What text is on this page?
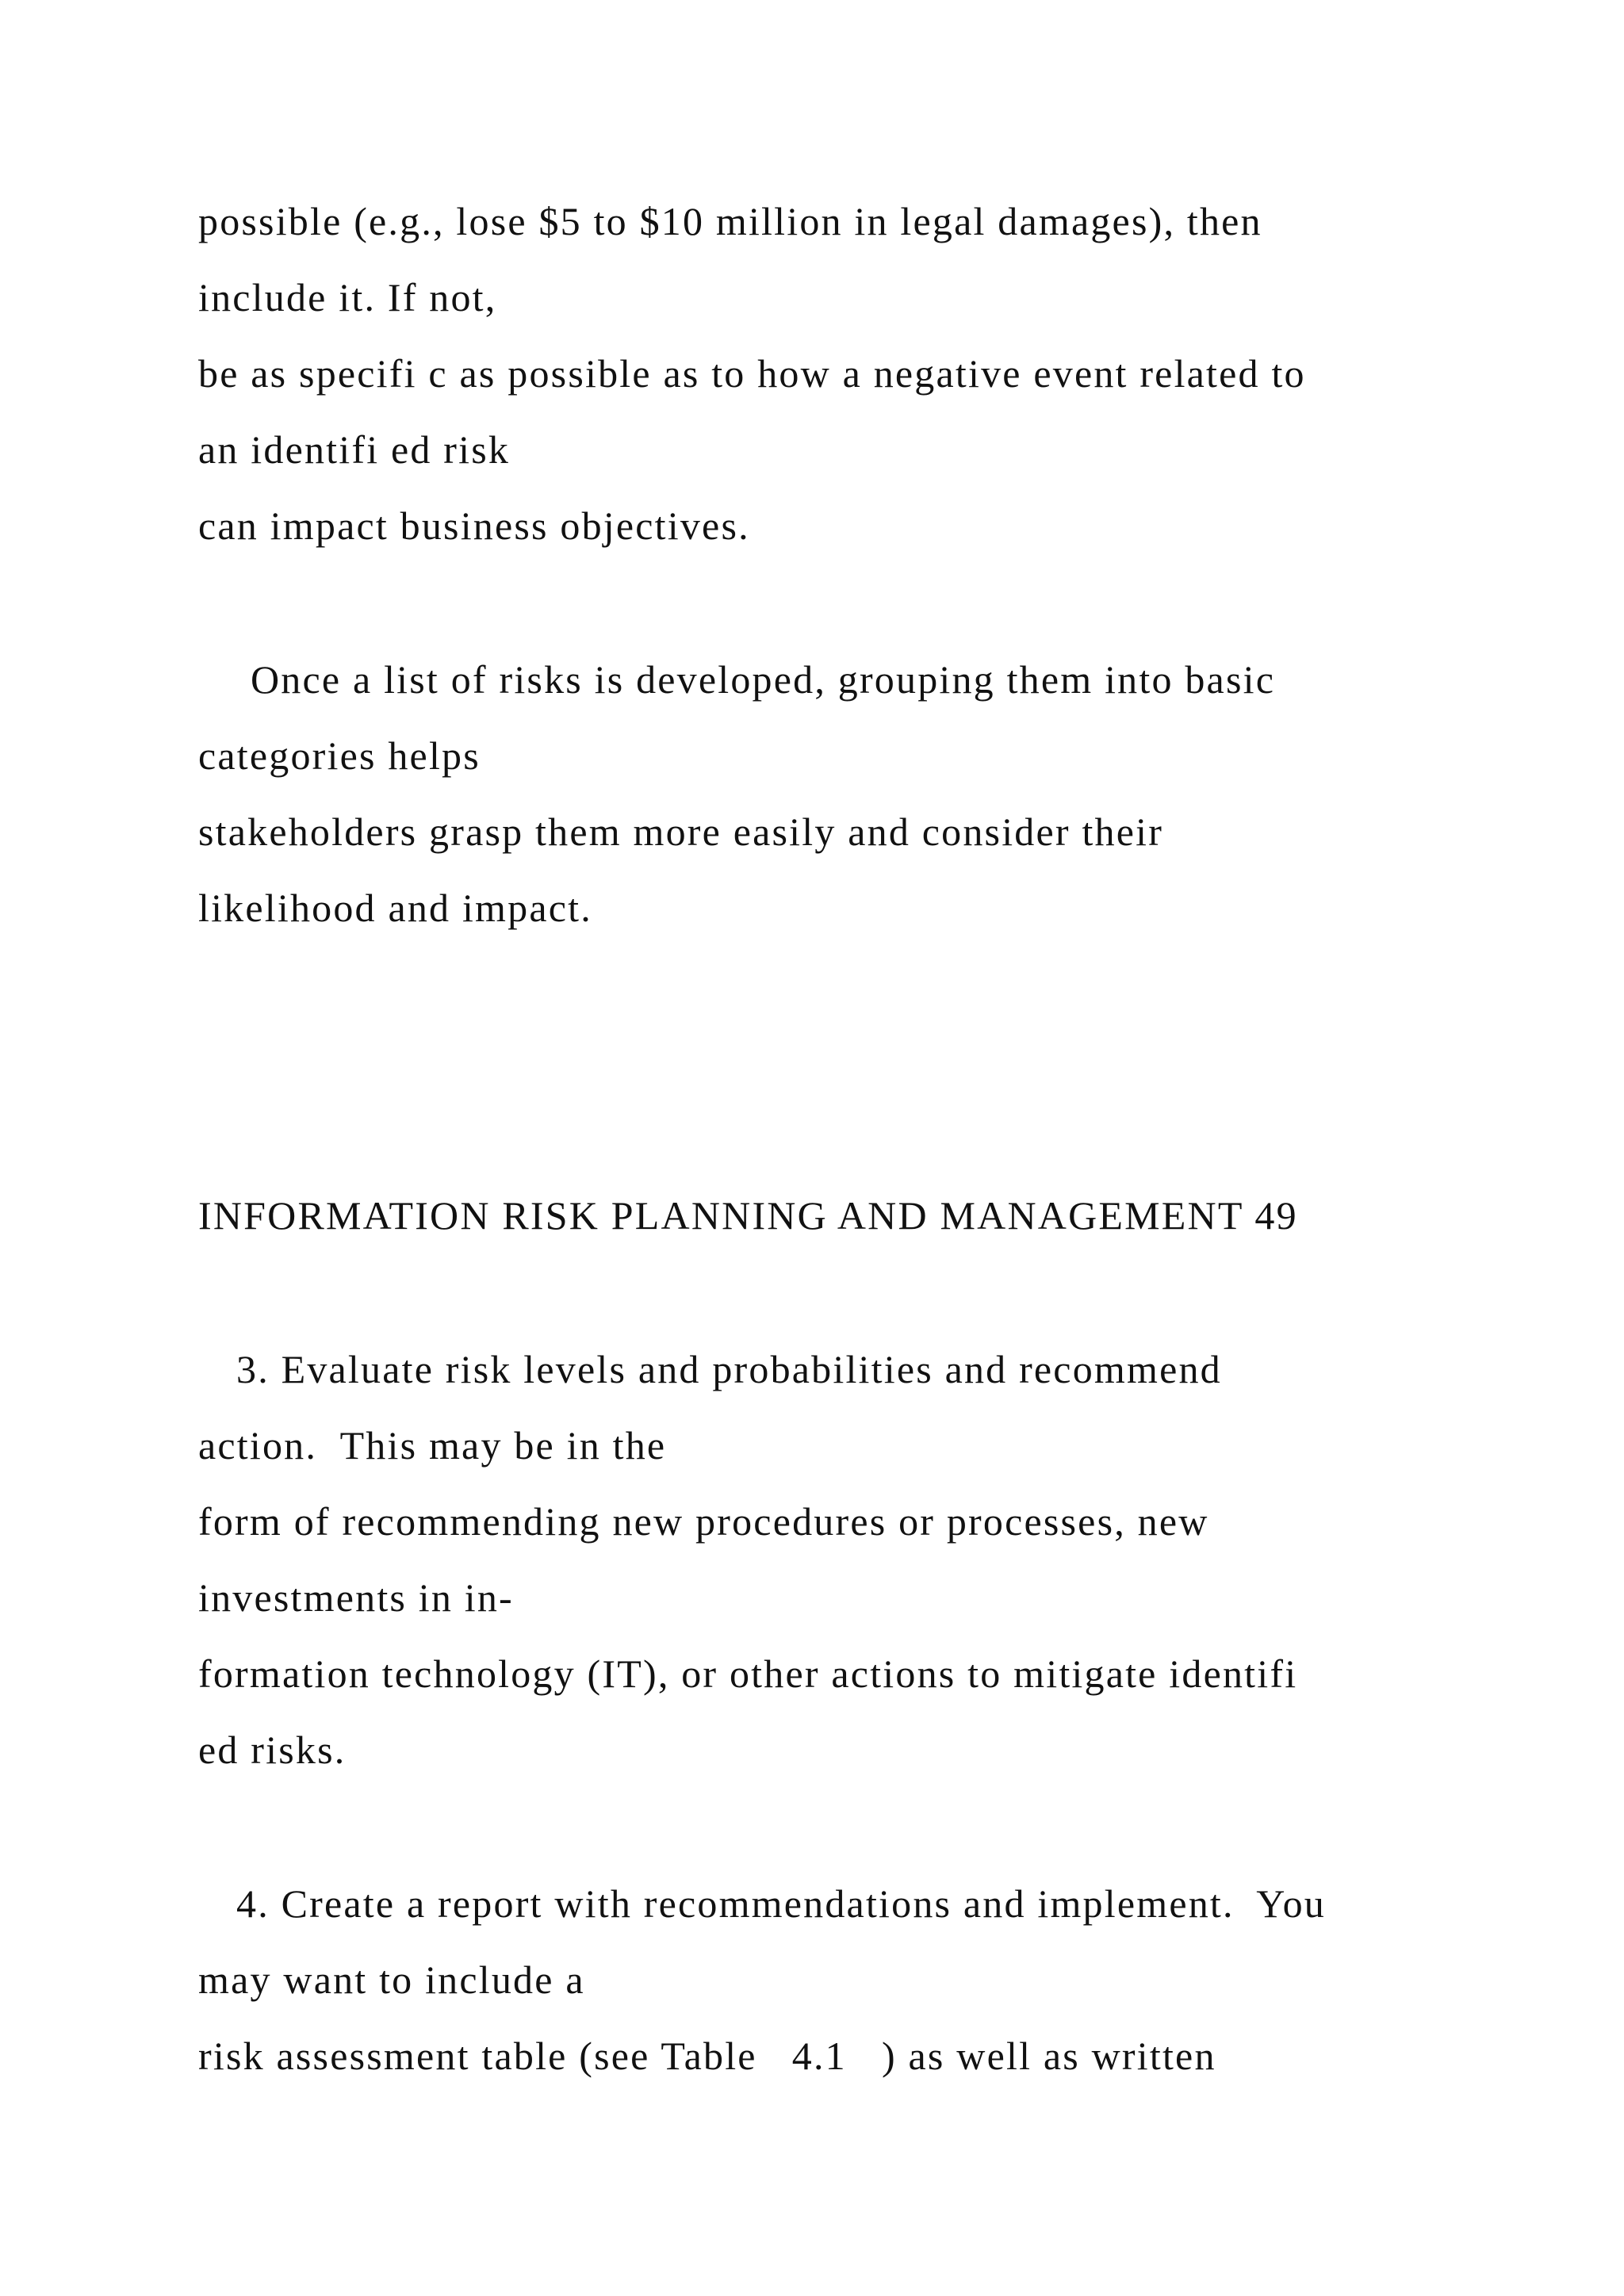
possible (e.g., lose $5 to $10 million in legal damages), then
include it. If not,
be as specifi c as possible as to how a negative event related to
an identifi ed risk
can impact business objectives.
Once a list of risks is developed, grouping them into basic
categories helps
stakeholders grasp them more easily and consider their
likelihood and impact.
INFORMATION RISK PLANNING AND MANAGEMENT 49
3. Evaluate risk levels and probabilities and recommend
action.  This may be in the
form of recommending new procedures or processes, new
investments in in-
formation technology (IT), or other actions to mitigate identifi
ed risks.
4. Create a report with recommendations and implement.  You
may want to include a
risk assessment table (see Table   4.1   ) as well as written
